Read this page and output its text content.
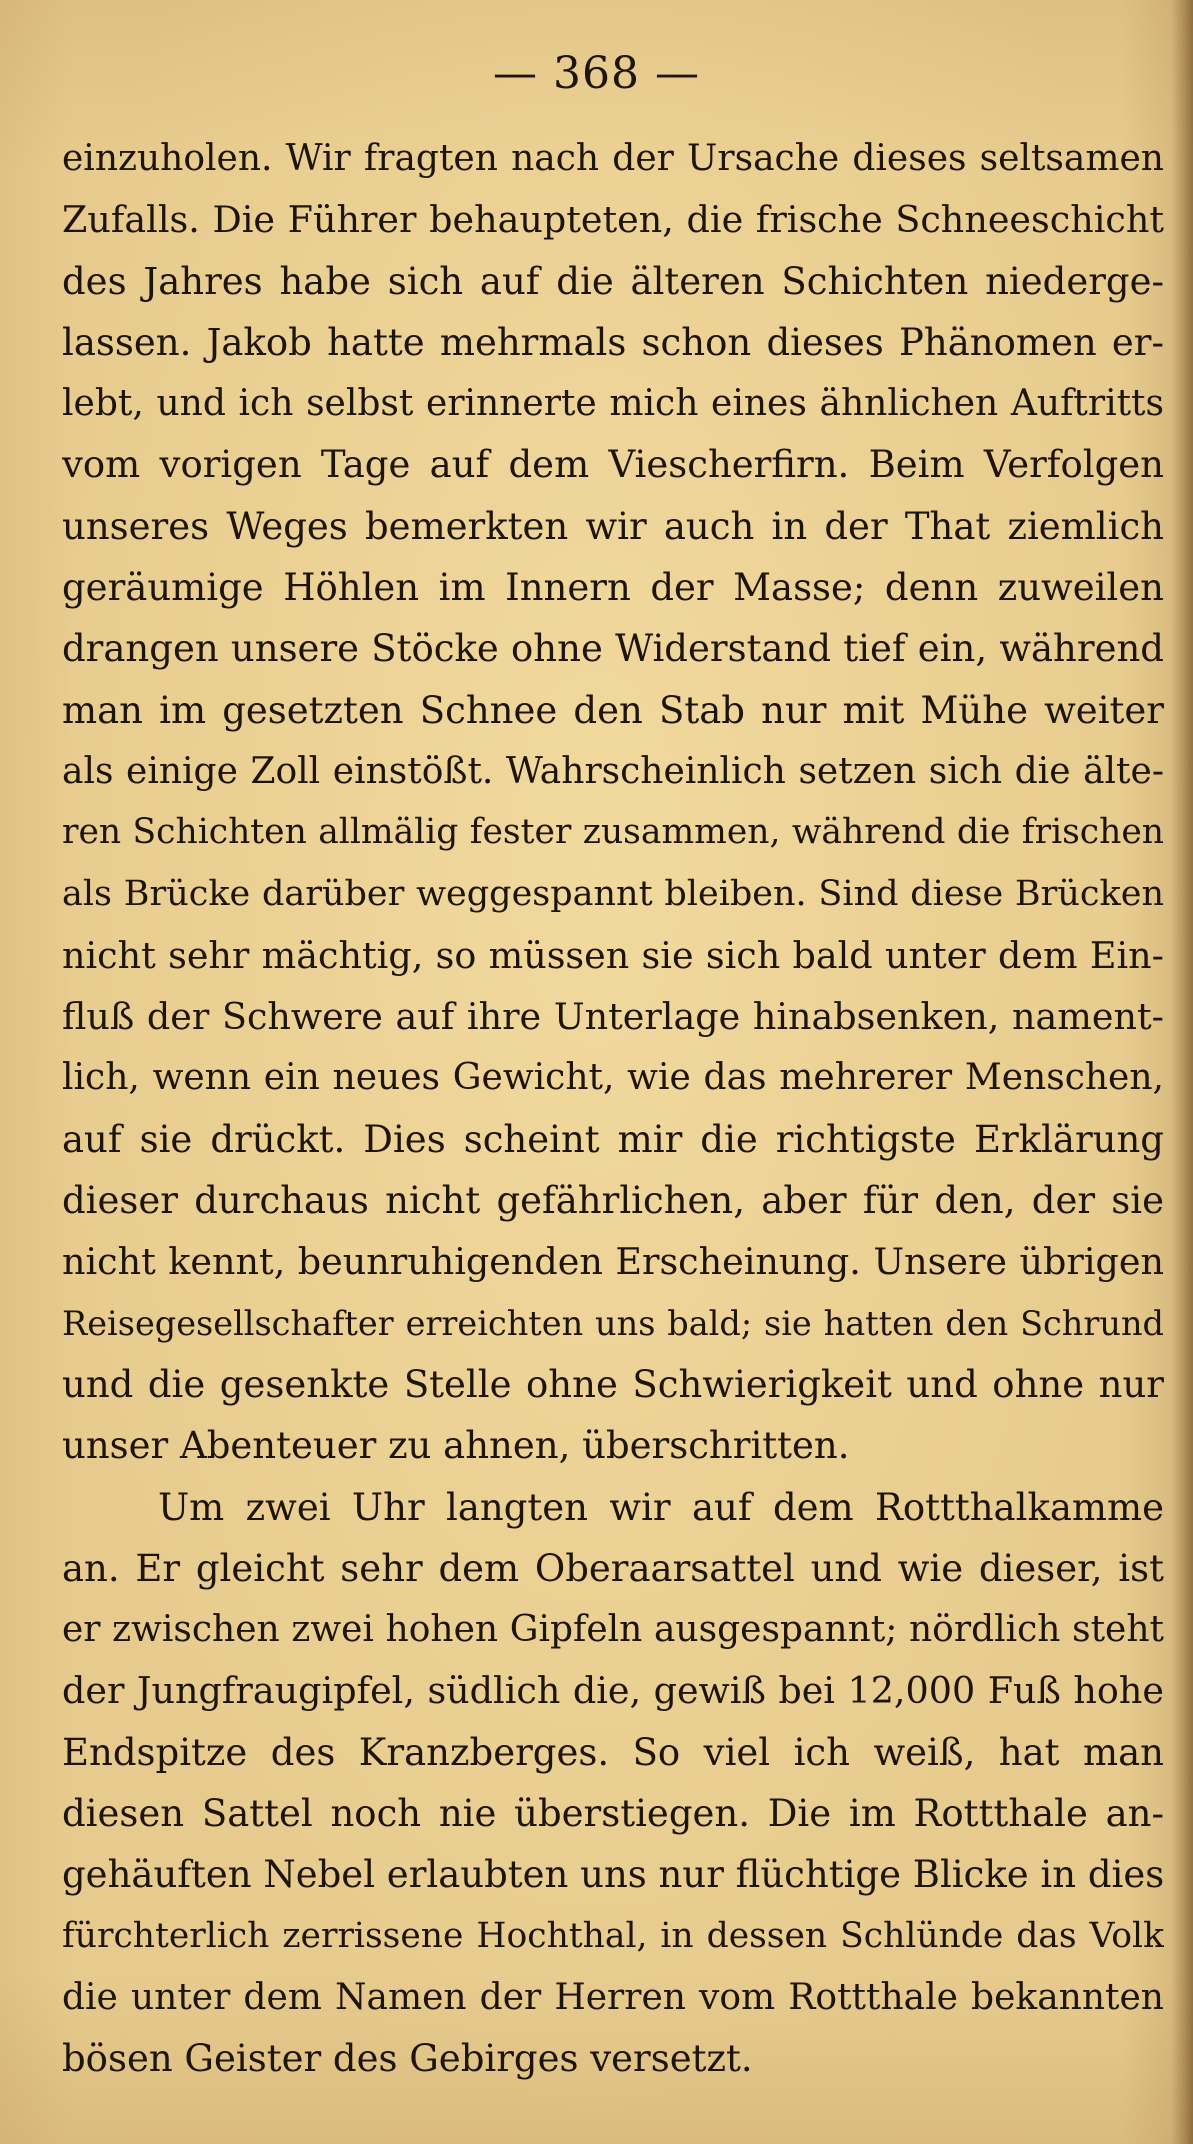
— 368 —
einzuholen. Wir fragten nach der Ursache dieses seltsamen
Zufalls. Die Führer behaupteten, die frische Schneeschicht
des Jahres habe sich auf die älteren Schichten niederge-
lassen. Jakob hatte mehrmals schon dieses Phänomen er-
lebt, und ich selbst erinnerte mich eines ähnlichen Auftritts
vom vorigen Tage auf dem Viescherfirn. Beim Verfolgen
unseres Weges bemerkten wir auch in der That ziemlich
geräumige Höhlen im Innern der Masse; denn zuweilen
drangen unsere Stöcke ohne Widerstand tief ein, während
man im gesetzten Schnee den Stab nur mit Mühe weiter
als einige Zoll einstößt. Wahrscheinlich setzen sich die älte-
ren Schichten allmälig fester zusammen, während die frischen
als Brücke darüber weggespannt bleiben. Sind diese Brücken
nicht sehr mächtig, so müssen sie sich bald unter dem Ein-
fluß der Schwere auf ihre Unterlage hinabsenken, nament-
lich, wenn ein neues Gewicht, wie das mehrerer Menschen,
auf sie drückt. Dies scheint mir die richtigste Erklärung
dieser durchaus nicht gefährlichen, aber für den, der sie
nicht kennt, beunruhigenden Erscheinung. Unsere übrigen
Reisegesellschafter erreichten uns bald; sie hatten den Schrund
und die gesenkte Stelle ohne Schwierigkeit und ohne nur
unser Abenteuer zu ahnen, überschritten.
Um zwei Uhr langten wir auf dem Rottthalkamme
an. Er gleicht sehr dem Oberaarsattel und wie dieser, ist
er zwischen zwei hohen Gipfeln ausgespannt; nördlich steht
der Jungfraugipfel, südlich die, gewiß bei 12,000 Fuß hohe
Endspitze des Kranzberges. So viel ich weiß, hat man
diesen Sattel noch nie überstiegen. Die im Rottthale an-
gehäuften Nebel erlaubten uns nur flüchtige Blicke in dies
fürchterlich zerrissene Hochthal, in dessen Schlünde das Volk
die unter dem Namen der Herren vom Rottthale bekannten
bösen Geister des Gebirges versetzt.
